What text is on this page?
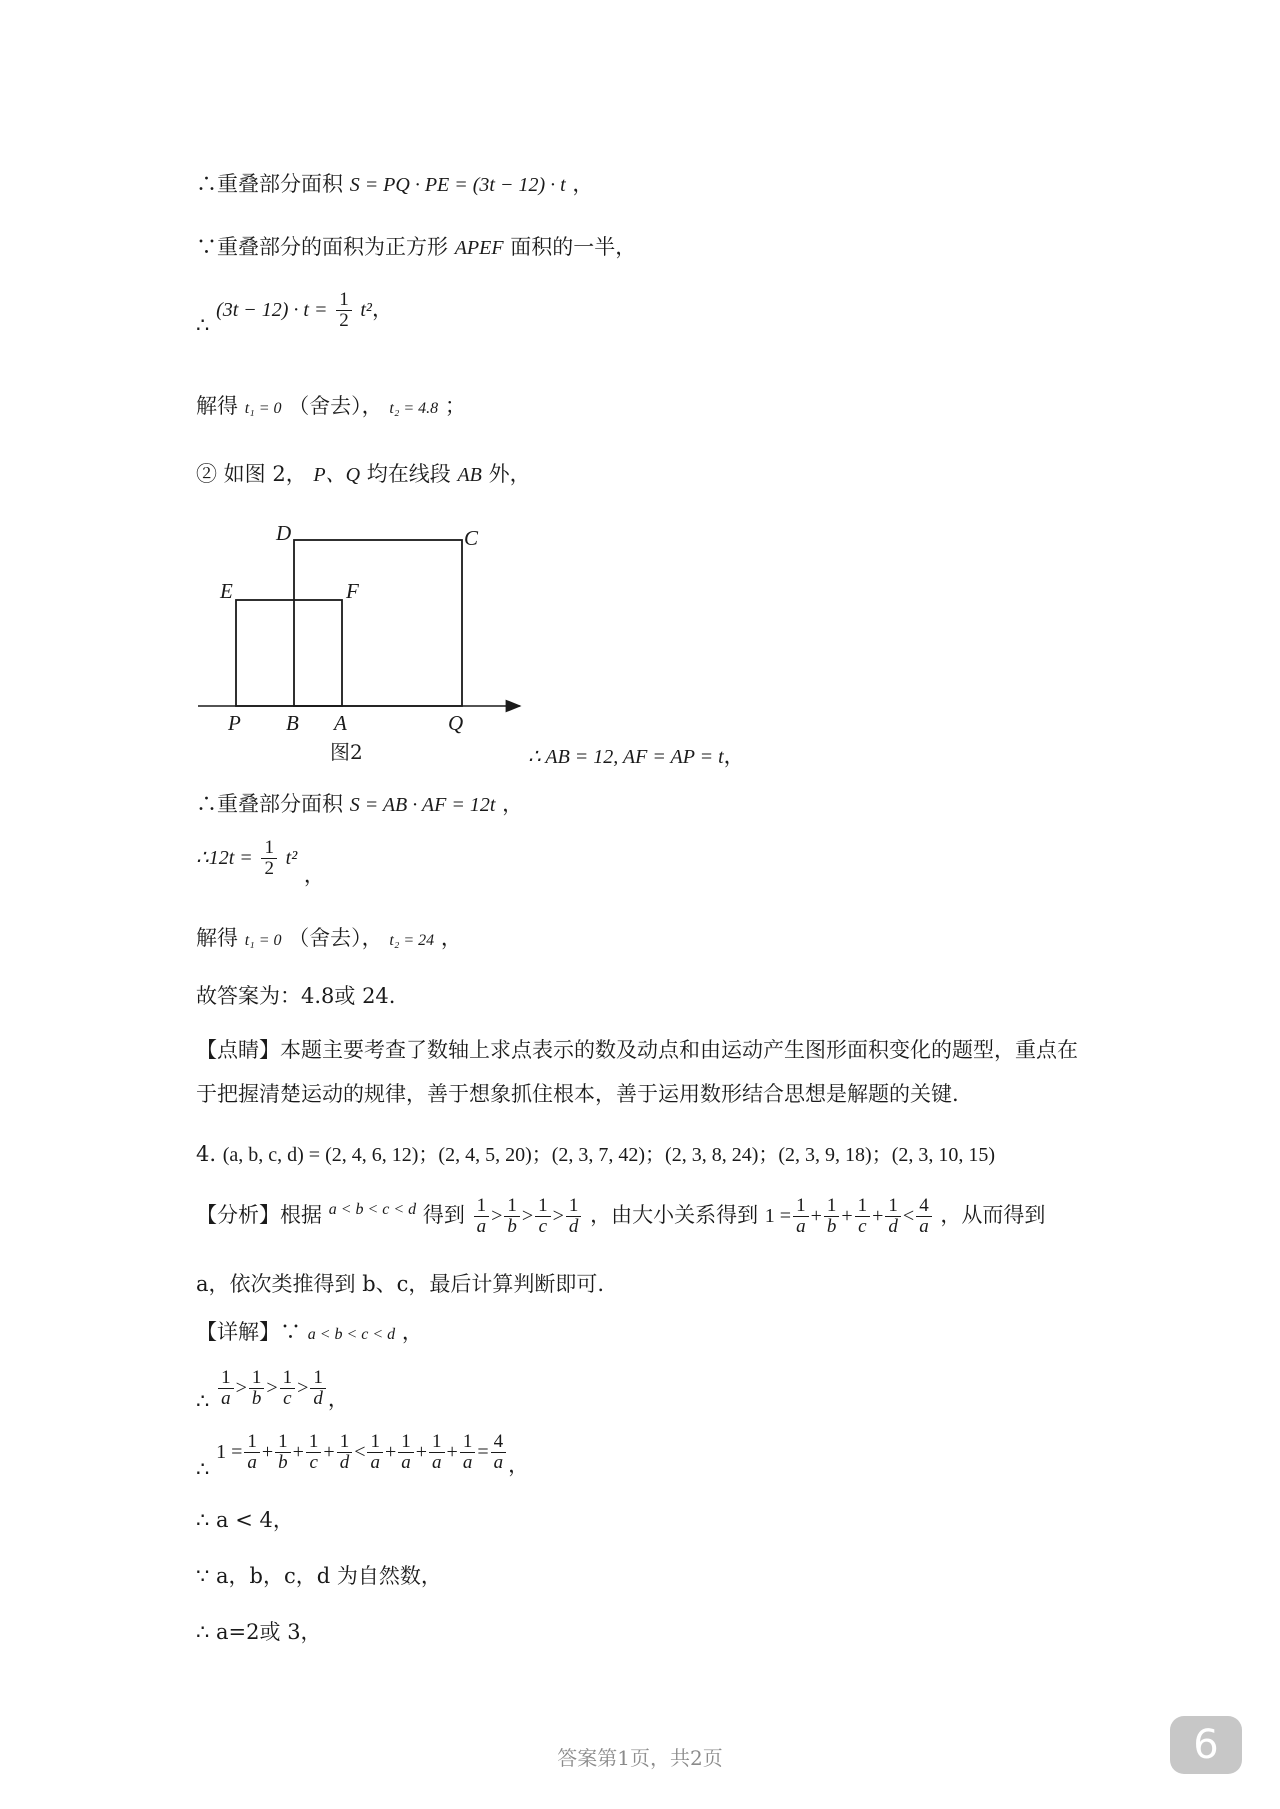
∴重叠部分面积 S = PQ · PE = (3t − 12) · t ，
∵重叠部分的面积为正方形 APEF 面积的一半，
∴ $(3t - 12) \cdot t = \frac{1}{2} t^2$，
解得 t₁ = 0 （舍去）， t₂ = 4.8 ；
② 如图 2， P、Q 均在线段 AB 外，
D	C
E	F
P B A	Q
图2	∴ AB = 12, AF = AP = t，
∴重叠部分面积 S = AB · AF = 12t ，
∴12t = $\frac{1}{2} t^2$ ，
解得 t₁ = 0 （舍去）， t₂ = 24 ，
故答案为：4.8或 24.
【点睛】本题主要考查了数轴上求点表示的数及动点和由运动产生图形面积变化的题型，重点在于把握清楚运动的规律，善于想象抓住根本，善于运用数形结合思想是解题的关键.
4. (a, b, c, d) = (2, 4, 6, 12)；(2, 4, 5, 20)；(2, 3, 7, 42)；(2, 3, 8, 24)；(2, 3, 9, 18)；(2, 3, 10, 15)
【分析】根据 $^{a < b < c < d}$ 得到 $\frac{1}{a} > \frac{1}{b} > \frac{1}{c} > \frac{1}{d}$ ，由大小关系得到 $1 = \frac{1}{a} + \frac{1}{b} + \frac{1}{c} + \frac{1}{d} < \frac{4}{a}$ ，从而得到
a，依次类推得到 b、c，最后计算判断即可.
【详解】∵ a < b < c < d ，
∴ $\frac{1}{a} > \frac{1}{b} > \frac{1}{c} > \frac{1}{d}$ ，
∴ $1 = \frac{1}{a} + \frac{1}{b} + \frac{1}{c} + \frac{1}{d} < \frac{1}{a} + \frac{1}{a} + \frac{1}{a} + \frac{1}{a} = \frac{4}{a}$ ，
∴ a < 4，
∵ a，b，c，d 为自然数，
∴ a=2或 3，
答案第1页，共2页	6
